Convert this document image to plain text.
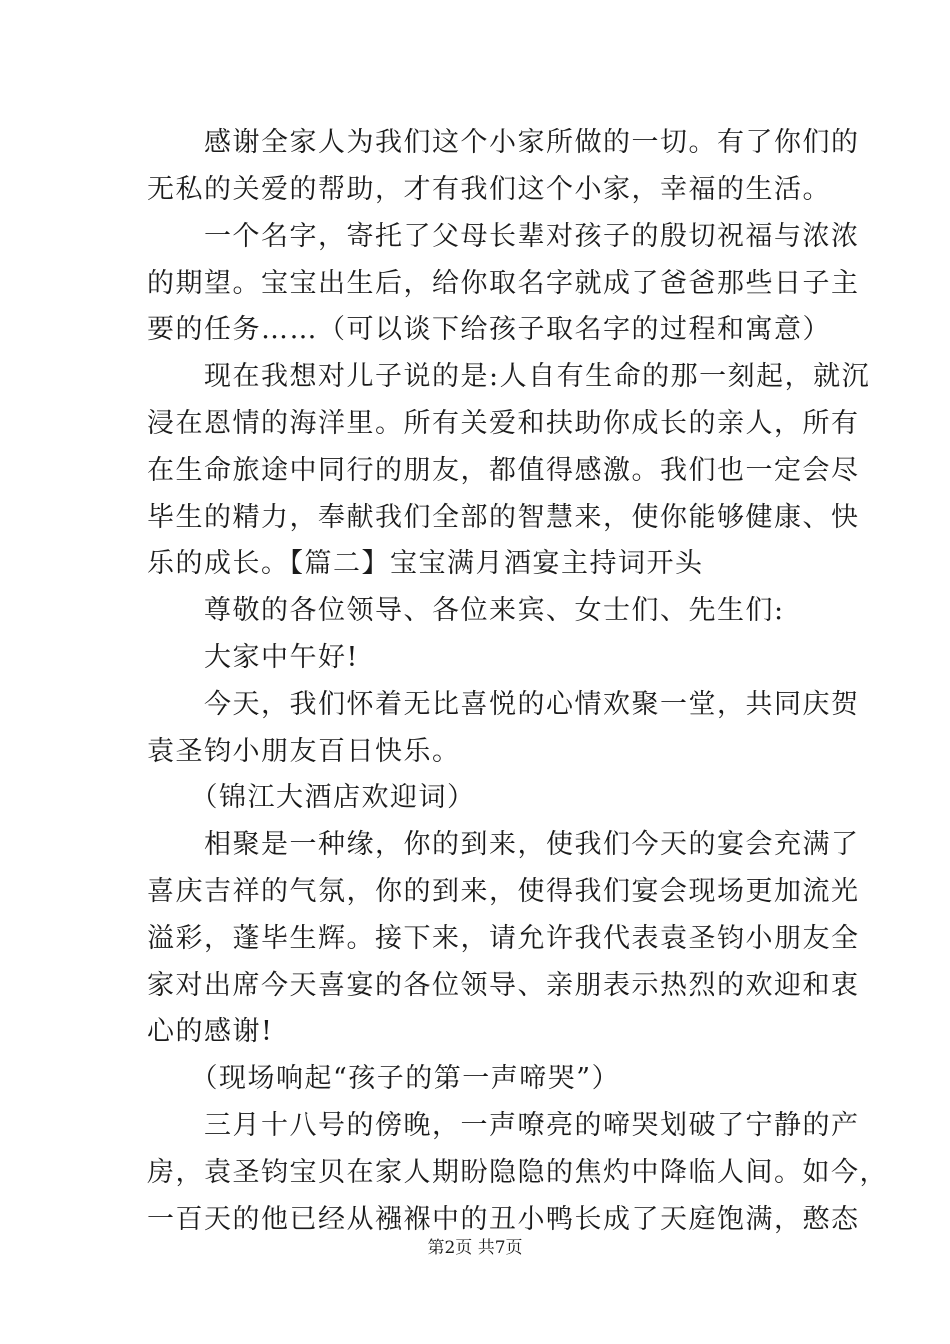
　　感谢全家人为我们这个小家所做的一切。有了你们的
无私的关爱的帮助，才有我们这个小家，幸福的生活。
　　一个名字，寄托了父母长辈对孩子的殷切祝福与浓浓
的期望。宝宝出生后，给你取名字就成了爸爸那些日子主
要的任务……（可以谈下给孩子取名字的过程和寓意）
　　现在我想对儿子说的是:人自有生命的那一刻起，就沉
浸在恩情的海洋里。所有关爱和扶助你成长的亲人，所有
在生命旅途中同行的朋友，都值得感激。我们也一定会尽
毕生的精力，奉献我们全部的智慧来，使你能够健康、快
乐的成长。【篇二】宝宝满月酒宴主持词开头
　　尊敬的各位领导、各位来宾、女士们、先生们:
　　大家中午好!
　　今天，我们怀着无比喜悦的心情欢聚一堂，共同庆贺
袁圣钧小朋友百日快乐。
　　（锦江大酒店欢迎词）
　　相聚是一种缘，你的到来，使我们今天的宴会充满了
喜庆吉祥的气氛，你的到来，使得我们宴会现场更加流光
溢彩，蓬毕生辉。接下来，请允许我代表袁圣钧小朋友全
家对出席今天喜宴的各位领导、亲朋表示热烈的欢迎和衷
心的感谢!
　　（现场响起“孩子的第一声啼哭”）
　　三月十八号的傍晚，一声嘹亮的啼哭划破了宁静的产
房，袁圣钧宝贝在家人期盼隐隐的焦灼中降临人间。如今，
一百天的他已经从襁褓中的丑小鸭长成了天庭饱满，憨态
第2页 共7页
